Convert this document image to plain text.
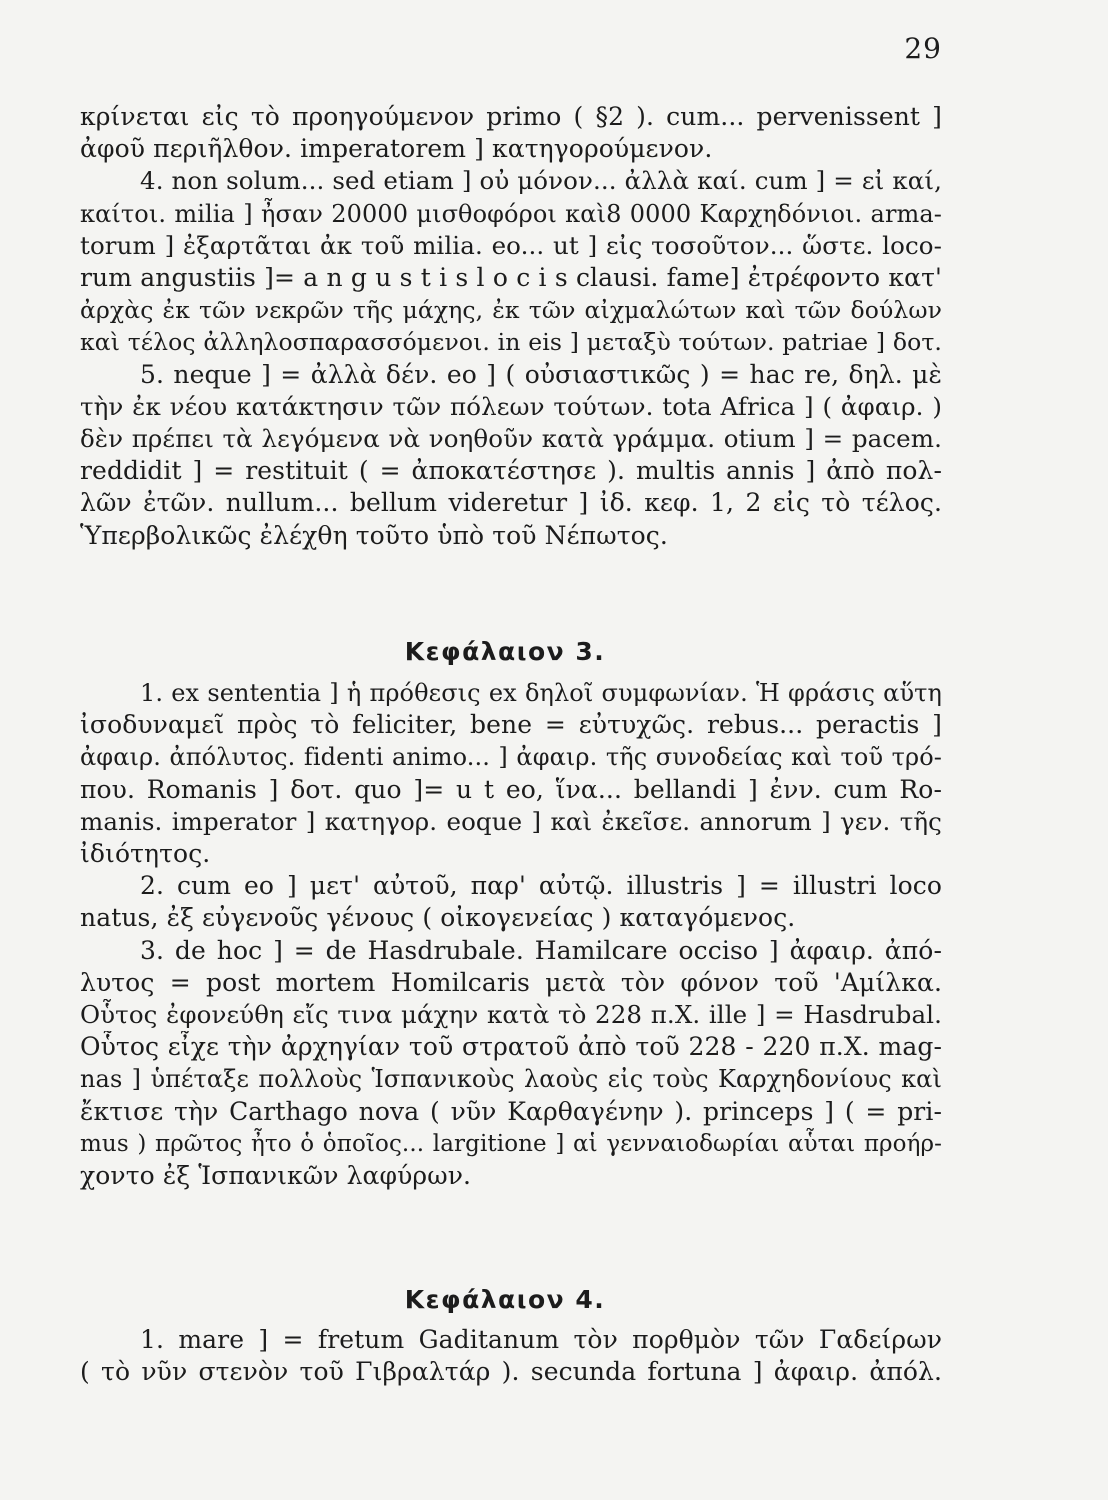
29
κρίνεται εἰς τὸ προηγούμενον primo ( §2 ). cum... pervenissent ]
ἀφοῦ περιῆλθον. imperatorem ] κατηγορούμενον.
4. non solum... sed etiam ] οὐ μόνον... ἀλλὰ καί. cum ] = εἰ καί,
καίτοι. milia ] ἦσαν 20000 μισθοφόροι καὶ8 0000 Καρχηδόνιοι. arma-
torum ] ἐξαρτᾶται ἀκ τοῦ milia. eo... ut ] εἰς τοσοῦτον... ὥστε. loco-
rum angustiis ]= a n g u s t i s l o c i s clausi. fame] ἐτρέφοντο κατ'
ἀρχὰς ἐκ τῶν νεκρῶν τῆς μάχης, ἐκ τῶν αἰχμαλώτων καὶ τῶν δούλων
καὶ τέλος ἀλληλοσπαρασσόμενοι. in eis ] μεταξὺ τούτων. patriae ] δοτ.
5. neque ] = ἀλλὰ δέν. eo ] ( οὐσιαστικῶς ) = hac re, δηλ. μὲ
τὴν ἐκ νέου κατάκτησιν τῶν πόλεων τούτων. tota Africa ] ( ἀφαιρ. )
δὲν πρέπει τὰ λεγόμενα νὰ νοηθοῦν κατὰ γράμμα. otium ] = pacem.
reddidit ] = restituit ( = ἀποκατέστησε ). multis annis ] ἀπὸ πολ-
λῶν ἐτῶν. nullum... bellum videretur ] ἰδ. κεφ. 1, 2 εἰς τὸ τέλος.
Ὑπερβολικῶς ἐλέχθη τοῦτο ὑπὸ τοῦ Νέπωτος.
Κεφάλαιον 3.
1. ex sententia ] ἡ πρόθεσις ex δηλοῖ συμφωνίαν. Ἡ φράσις αὕτη
ἰσοδυναμεῖ πρὸς τὸ feliciter, bene = εὐτυχῶς. rebus... peractis ]
ἀφαιρ. ἀπόλυτος. fidenti animo... ] ἀφαιρ. τῆς συνοδείας καὶ τοῦ τρό-
που. Romanis ] δοτ. quo ]= u t eo, ἵνα... bellandi ] ἐνν. cum Ro-
manis. imperator ] κατηγορ. eoque ] καὶ ἐκεῖσε. annorum ] γεν. τῆς
ἰδιότητος.
2. cum eo ] μετ' αὐτοῦ, παρ' αὐτῷ. illustris ] = illustri loco
natus, ἐξ εὐγενοῦς γένους ( οἰκογενείας ) καταγόμενος.
3. de hoc ] = de Hasdrubale. Hamilcare occiso ] ἀφαιρ. ἀπό-
λυτος = post mortem Homilcaris μετὰ τὸν φόνον τοῦ 'Αμίλκα.
Οὗτος ἐφονεύθη εἴς τινα μάχην κατὰ τὸ 228 π.Χ. ille ] = Hasdrubal.
Οὗτος εἶχε τὴν ἀρχηγίαν τοῦ στρατοῦ ἀπὸ τοῦ 228 - 220 π.Χ. mag-
nas ] ὑπέταξε πολλοὺς Ἱσπανικοὺς λαοὺς εἰς τοὺς Καρχηδονίους καὶ
ἔκτισε τὴν Carthago nova ( νῦν Καρθαγένην ). princeps ] ( = pri-
mus ) πρῶτος ἦτο ὁ ὁποῖος... largitione ] αἱ γενναιοδωρίαι αὗται προήρ-
χοντο ἐξ Ἱσπανικῶν λαφύρων.
Κεφάλαιον 4.
1. mare ] = fretum Gaditanum τὸν πορθμὸν τῶν Γαδείρων
( τὸ νῦν στενὸν τοῦ Γιβραλτάρ ). secunda fortuna ] ἀφαιρ. ἀπόλ.
